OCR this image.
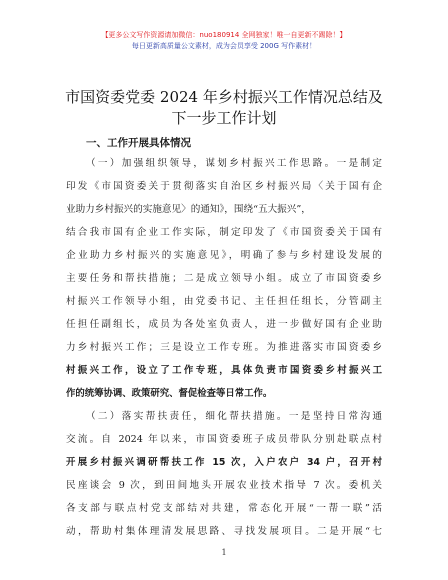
【更多公文写作资源请加微信：nuo180914 全网独家！唯一自更新不踢除！】
每日更新高质量公文素材，成为会员享受 200G 写作素材！
市国资委党委 2024 年乡村振兴工作情况总结及
下一步工作计划
一、工作开展具体情况
（一）加强组织领导，谋划乡村振兴工作思路。一是制定
印发《市国资委关于贯彻落实自治区乡村振兴局〈关于国有企
业助力乡村振兴的实施意见〉的通知》，围绕“五大振兴”，
结合我市国有企业工作实际，制定印发了《市国资委关于国有
企业助力乡村振兴的实施意见》，明确了参与乡村建设发展的
主要任务和帮扶措施；二是成立领导小组。成立了市国资委乡
村振兴工作领导小组，由党委书记、主任担任组长，分管副主
任担任副组长，成员为各处室负责人，进一步做好国有企业助
力乡村振兴工作；三是设立工作专班。为推进落实市国资委乡
村振兴工作，设立了工作专班，具体负责市国资委乡村振兴工
作的统筹协调、政策研究、督促检查等日常工作。
（二）落实帮扶责任，细化帮扶措施。一是坚持日常沟通
交流。自 2024 年以来，市国资委班子成员带队分别赴联点村
开展乡村振兴调研帮扶工作 15 次，入户农户 34 户，召开村
民座谈会 9 次，到田间地头开展农业技术指导 7 次。委机关
各支部与联点村党支部结对共建，常态化开展“一帮一联”活
动，帮助村集体理清发展思路、寻找发展项目。二是开展“七
1
